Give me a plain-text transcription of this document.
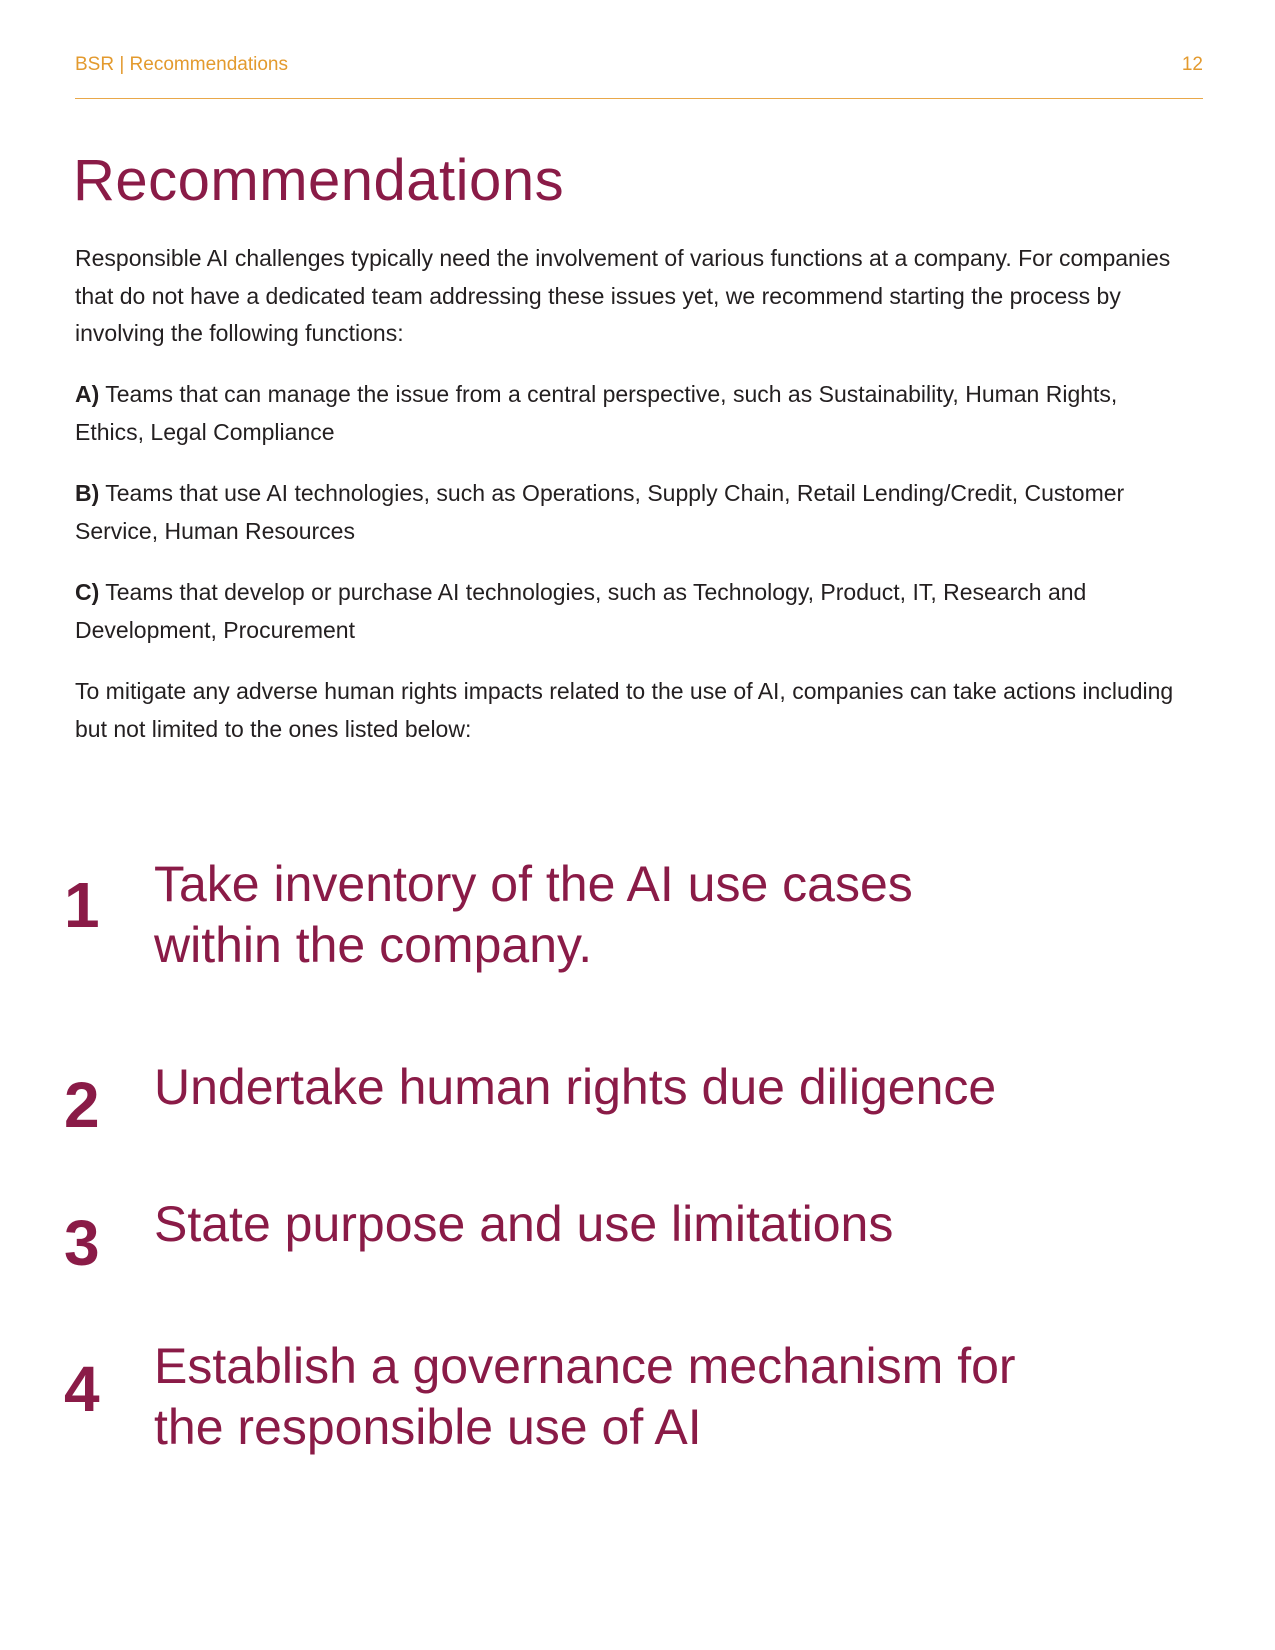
BSR | Recommendations	12
Recommendations

Responsible AI challenges typically need the involvement of various functions at a company. For companies that do not have a dedicated team addressing these issues yet, we recommend starting the process by involving the following functions:

A) Teams that can manage the issue from a central perspective, such as Sustainability, Human Rights, Ethics, Legal Compliance

B) Teams that use AI technologies, such as Operations, Supply Chain, Retail Lending/Credit, Customer Service, Human Resources

C) Teams that develop or purchase AI technologies, such as Technology, Product, IT, Research and Development, Procurement

To mitigate any adverse human rights impacts related to the use of AI, companies can take actions including but not limited to the ones listed below:

1	Take inventory of the AI use cases within the company.
2	Undertake human rights due diligence
3	State purpose and use limitations
4	Establish a governance mechanism for the responsible use of AI
